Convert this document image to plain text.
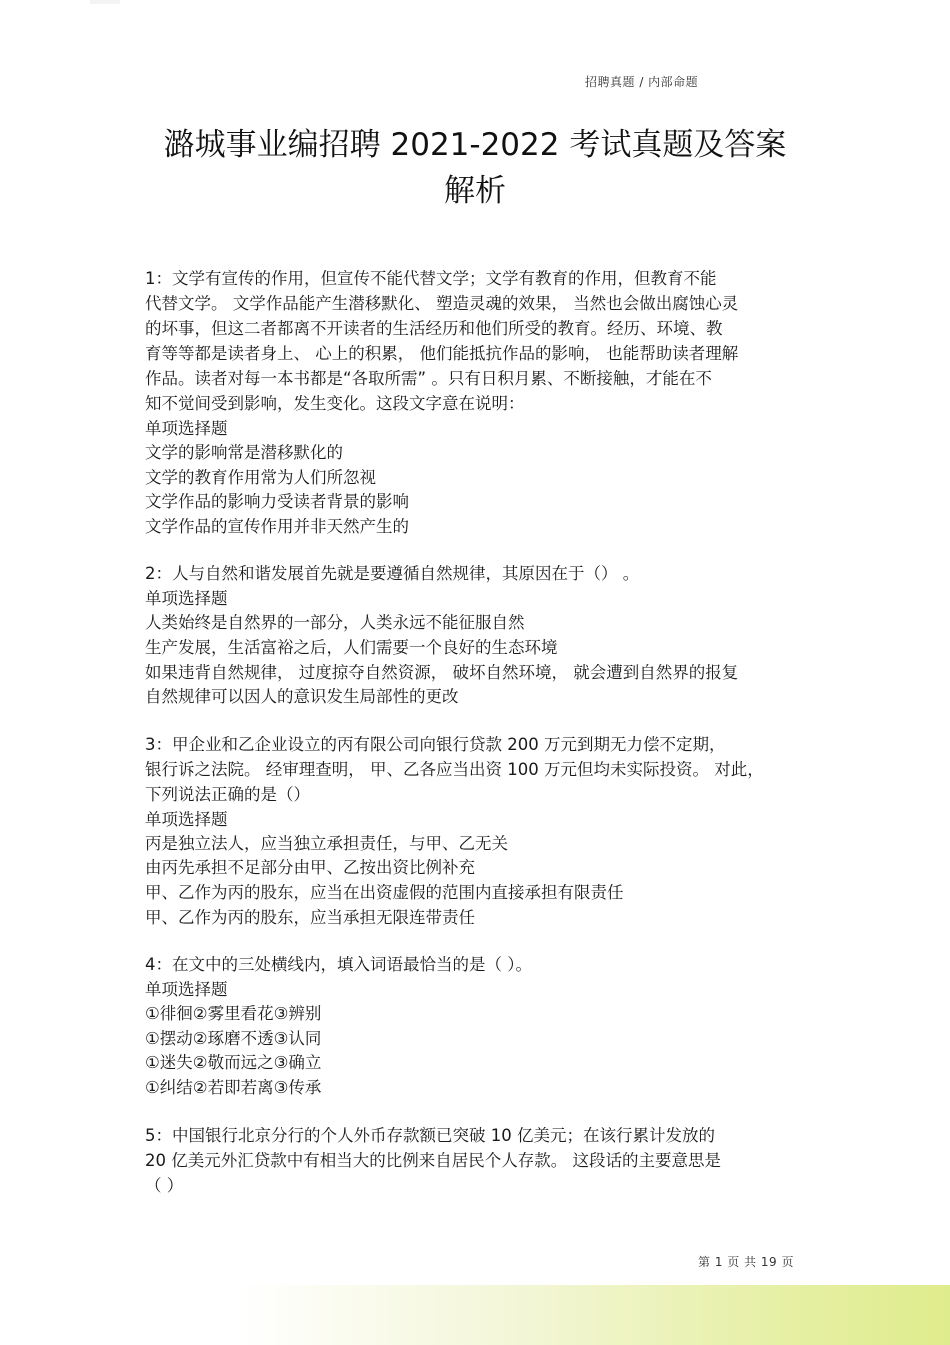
招聘真题 / 内部命题
潞城事业编招聘 2021-2022 考试真题及答案
解析
1：文学有宣传的作用，但宣传不能代替文学；文学有教育的作用，但教育不能
代替文学。 文学作品能产生潜移默化、 塑造灵魂的效果， 当然也会做出腐蚀心灵
的坏事，但这二者都离不开读者的生活经历和他们所受的教育。经历、环境、教
育等等都是读者身上、 心上的积累， 他们能抵抗作品的影响， 也能帮助读者理解
作品。读者对每一本书都是“各取所需” 。只有日积月累、不断接触，才能在不
知不觉间受到影响，发生变化。这段文字意在说明：
单项选择题
文学的影响常是潜移默化的
文学的教育作用常为人们所忽视
文学作品的影响力受读者背景的影响
文学作品的宣传作用并非天然产生的
2：人与自然和谐发展首先就是要遵循自然规律，其原因在于（） 。
单项选择题
人类始终是自然界的一部分，人类永远不能征服自然
生产发展，生活富裕之后，人们需要一个良好的生态环境
如果违背自然规律， 过度掠夺自然资源， 破坏自然环境， 就会遭到自然界的报复
自然规律可以因人的意识发生局部性的更改
3：甲企业和乙企业设立的丙有限公司向银行贷款 200 万元到期无力偿不定期，
银行诉之法院。 经审理查明， 甲、乙各应当出资 100 万元但均未实际投资。 对此，
下列说法正确的是（）
单项选择题
丙是独立法人，应当独立承担责任，与甲、乙无关
由丙先承担不足部分由甲、乙按出资比例补充
甲、乙作为丙的股东，应当在出资虚假的范围内直接承担有限责任
甲、乙作为丙的股东，应当承担无限连带责任
4：在文中的三处横线内，填入词语最恰当的是（ ）。
单项选择题
①徘徊②雾里看花③辨别
①摆动②琢磨不透③认同
①迷失②敬而远之③确立
①纠结②若即若离③传承
5：中国银行北京分行的个人外币存款额已突破 10 亿美元；在该行累计发放的
20 亿美元外汇贷款中有相当大的比例来自居民个人存款。 这段话的主要意思是
（ ）
第 1 页 共 19 页
